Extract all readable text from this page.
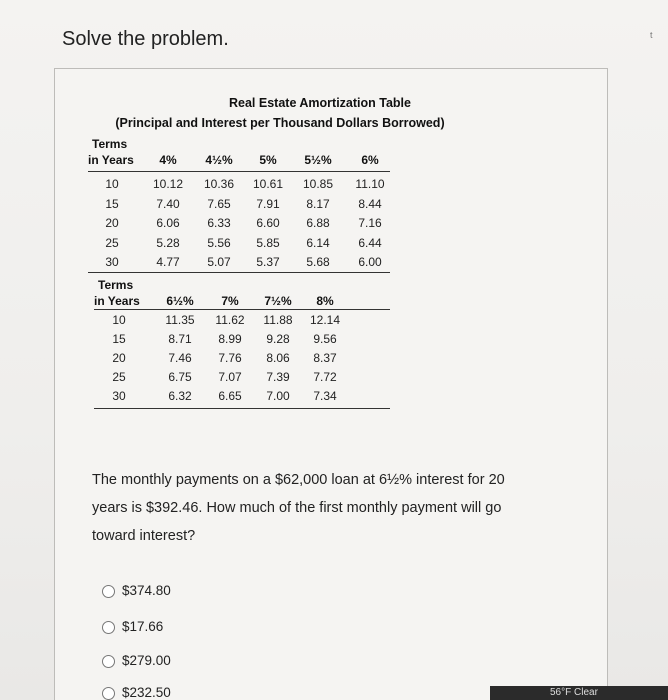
Solve the problem.	t
Real Estate Amortization Table
(Principal and Interest per Thousand Dollars Borrowed)
Terms
in Years	4%	4½%	5%	5½%	6%
10	10.12	10.36	10.61	10.85	11.10
15	7.40	7.65	7.91	8.17	8.44
20	6.06	6.33	6.60	6.88	7.16
25	5.28	5.56	5.85	6.14	6.44
30	4.77	5.07	5.37	5.68	6.00
Terms
in Years	6½%	7%	7½%	8%
10	11.35	11.62	11.88	12.14
15	8.71	8.99	9.28	9.56
20	7.46	7.76	8.06	8.37
25	6.75	7.07	7.39	7.72
30	6.32	6.65	7.00	7.34
The monthly payments on a $62,000 loan at 6½% interest for 20 years is $392.46. How much of the first monthly payment will go toward interest?
$374.80
$17.66
$279.00
$232.50	56°F Clear
